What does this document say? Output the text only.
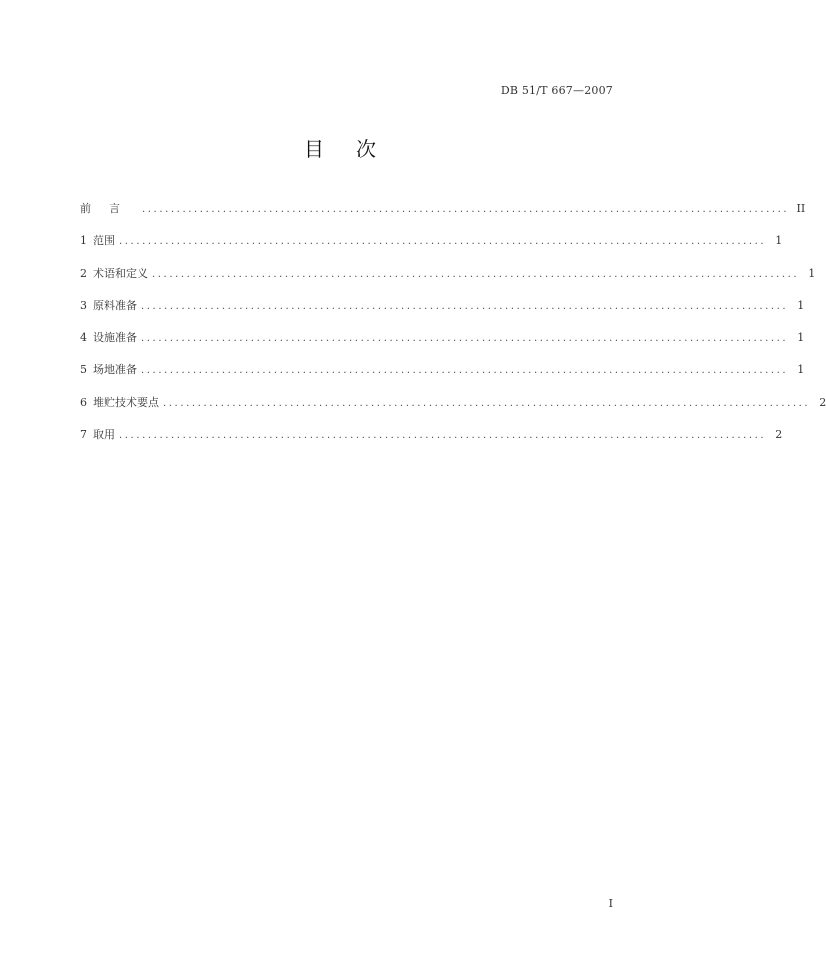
DB 51/T 667—2007
目次
前言 ................................................................................................................ II
1 范围 ................................................................................................................ 1
2 术语和定义 ................................................................................................................ 1
3 原料准备 ................................................................................................................ 1
4 设施准备 ................................................................................................................ 1
5 场地准备 ................................................................................................................ 1
6 堆贮技术要点 ................................................................................................................ 2
7 取用 ................................................................................................................ 2
I
